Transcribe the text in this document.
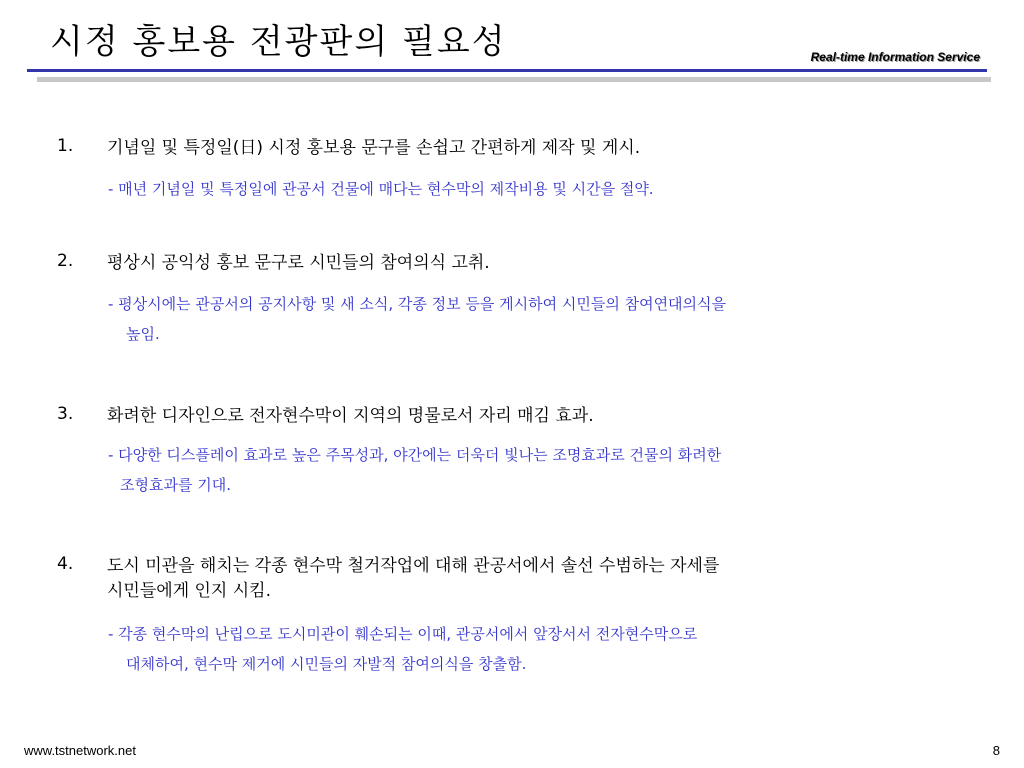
시정 홍보용 전광판의 필요성	Real-time Information Service
1. 기념일 및 특정일(日) 시정 홍보용 문구를 손쉽고 간편하게 제작 및 게시.
- 매년 기념일 및 특정일에 관공서 건물에 매다는 현수막의 제작비용 및 시간을 절약.
2. 평상시 공익성 홍보 문구로 시민들의 참여의식 고취.
- 평상시에는 관공서의 공지사항 및 새 소식, 각종 정보 등을 게시하여 시민들의 참여연대의식을
높임.
3. 화려한 디자인으로 전자현수막이 지역의 명물로서 자리 매김 효과.
- 다양한 디스플레이 효과로 높은 주목성과, 야간에는 더욱더 빛나는 조명효과로 건물의 화려한
조형효과를 기대.
4. 도시 미관을 해치는 각종 현수막 철거작업에 대해 관공서에서 솔선 수범하는 자세를
시민들에게 인지 시킴.
- 각종 현수막의 난립으로 도시미관이 훼손되는 이때, 관공서에서 앞장서서 전자현수막으로
대체하여, 현수막 제거에 시민들의 자발적 참여의식을 창출함.
www.tstnetwork.net	8
